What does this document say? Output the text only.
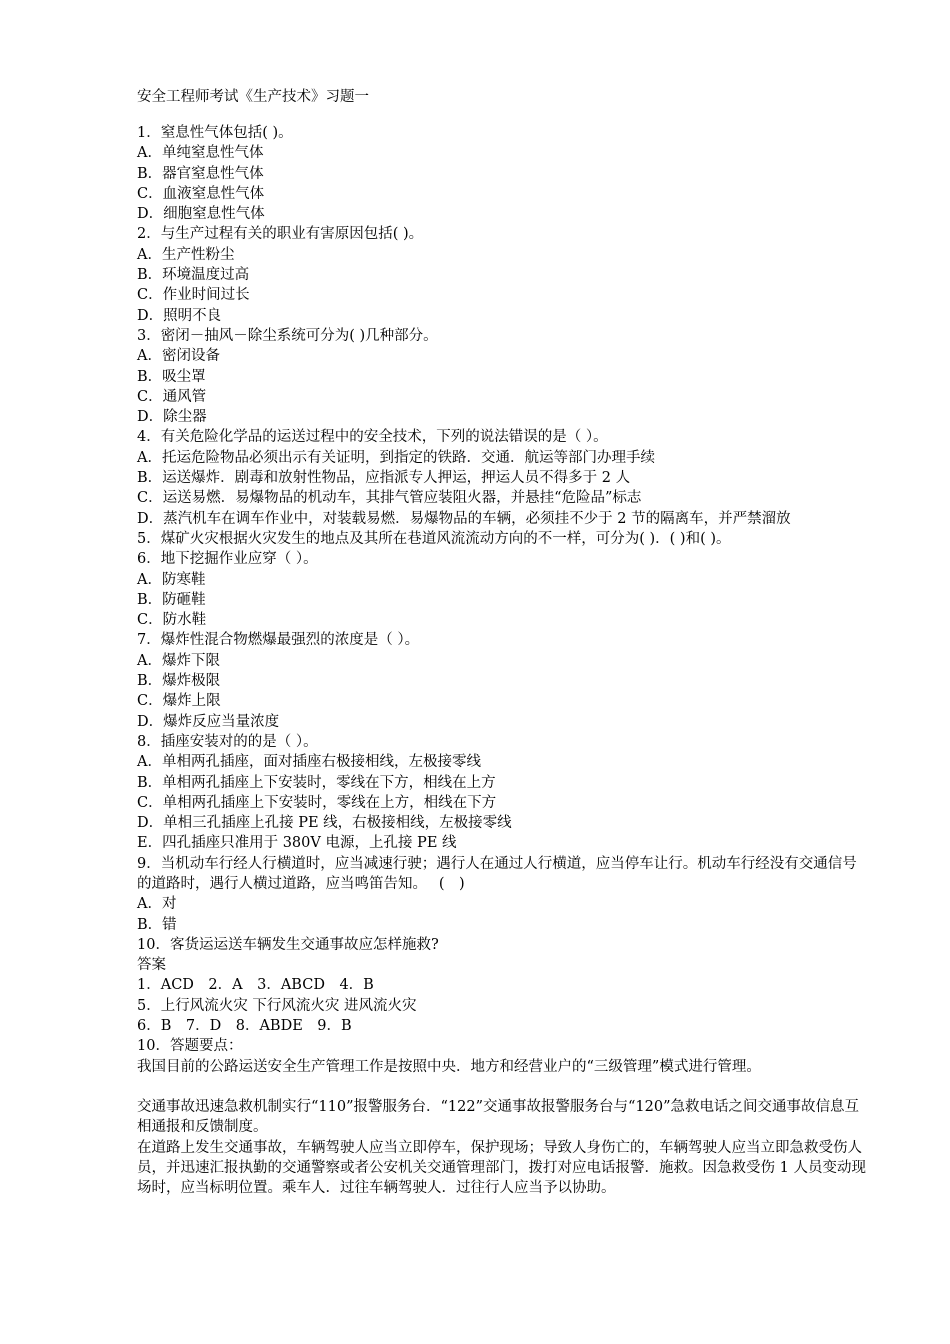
安全工程师考试《生产技术》习题一
1．窒息性气体包括( )。
A．单纯窒息性气体
B．器官窒息性气体
C．血液窒息性气体
D．细胞窒息性气体
2．与生产过程有关的职业有害原因包括( )。
A．生产性粉尘
B．环境温度过高
C．作业时间过长
D．照明不良
3．密闭－抽风－除尘系统可分为( )几种部分。
A．密闭设备
B．吸尘罩
C．通风管
D．除尘器
4．有关危险化学品的运送过程中的安全技术，下列的说法错误的是（ ）。
A．托运危险物品必须出示有关证明，到指定的铁路．交通．航运等部门办理手续
B．运送爆炸．剧毒和放射性物品，应指派专人押运，押运人员不得多于 2 人
C．运送易燃．易爆物品的机动车，其排气管应装阻火器，并悬挂“危险品”标志
D．蒸汽机车在调车作业中，对装载易燃．易爆物品的车辆，必须挂不少于 2 节的隔离车，并严禁溜放
5．煤矿火灾根据火灾发生的地点及其所在巷道风流流动方向的不一样，可分为( )．( )和( )。
6．地下挖掘作业应穿（ ）。
A．防寒鞋
B．防砸鞋
C．防水鞋
7．爆炸性混合物燃爆最强烈的浓度是（ ）。
A．爆炸下限
B．爆炸极限
C．爆炸上限
D．爆炸反应当量浓度
8．插座安装对的的是（ ）。
A．单相两孔插座，面对插座右极接相线，左极接零线
B．单相两孔插座上下安装时，零线在下方，相线在上方
C．单相两孔插座上下安装时，零线在上方，相线在下方
D．单相三孔插座上孔接 PE 线，右极接相线，左极接零线
E．四孔插座只准用于 380V 电源，上孔接 PE 线
9．当机动车行经人行横道时，应当减速行驶；遇行人在通过人行横道，应当停车让行。机动车行经没有交通信号的道路时，遇行人横过道路，应当鸣笛告知。　 (　)
A．对
B．错
10．客货运运送车辆发生交通事故应怎样施救?
答案
1．ACD　2．A　3．ABCD　4．B
5．上行风流火灾 下行风流火灾 进风流火灾
6．B　7．D　8．ABDE　9．B
10．答题要点：
我国目前的公路运送安全生产管理工作是按照中央．地方和经营业户的“三级管理”模式进行管理。
交通事故迅速急救机制实行“110”报警服务台．“122”交通事故报警服务台与“120”急救电话之间交通事故信息互相通报和反馈制度。
在道路上发生交通事故，车辆驾驶人应当立即停车，保护现场；导致人身伤亡的，车辆驾驶人应当立即急救受伤人员，并迅速汇报执勤的交通警察或者公安机关交通管理部门，拨打对应电话报警．施救。因急救受伤 1 人员变动现场时，应当标明位置。乘车人．过往车辆驾驶人．过往行人应当予以协助。
